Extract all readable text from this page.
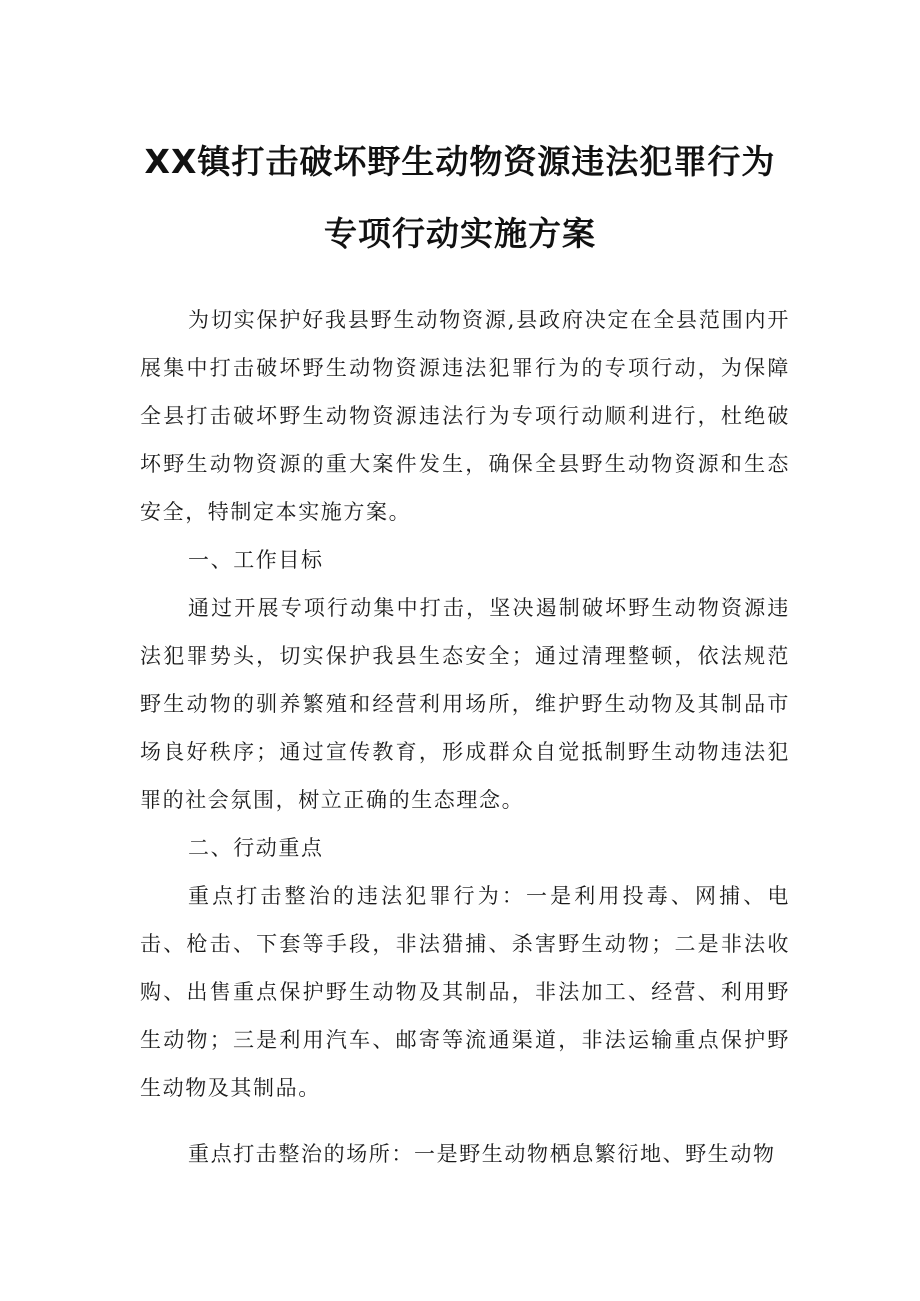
XX镇打击破坏野生动物资源违法犯罪行为
专项行动实施方案
为切实保护好我县野生动物资源,县政府决定在全县范围内开展集中打击破坏野生动物资源违法犯罪行为的专项行动，为保障全县打击破坏野生动物资源违法行为专项行动顺利进行，杜绝破坏野生动物资源的重大案件发生，确保全县野生动物资源和生态安全，特制定本实施方案。
一、工作目标
通过开展专项行动集中打击，坚决遏制破坏野生动物资源违法犯罪势头，切实保护我县生态安全；通过清理整顿，依法规范野生动物的驯养繁殖和经营利用场所，维护野生动物及其制品市场良好秩序；通过宣传教育，形成群众自觉抵制野生动物违法犯罪的社会氛围，树立正确的生态理念。
二、行动重点
重点打击整治的违法犯罪行为：一是利用投毒、网捕、电击、枪击、下套等手段，非法猎捕、杀害野生动物；二是非法收购、出售重点保护野生动物及其制品，非法加工、经营、利用野生动物；三是利用汽车、邮寄等流通渠道，非法运输重点保护野生动物及其制品。
重点打击整治的场所：一是野生动物栖息繁衍地、野生动物
